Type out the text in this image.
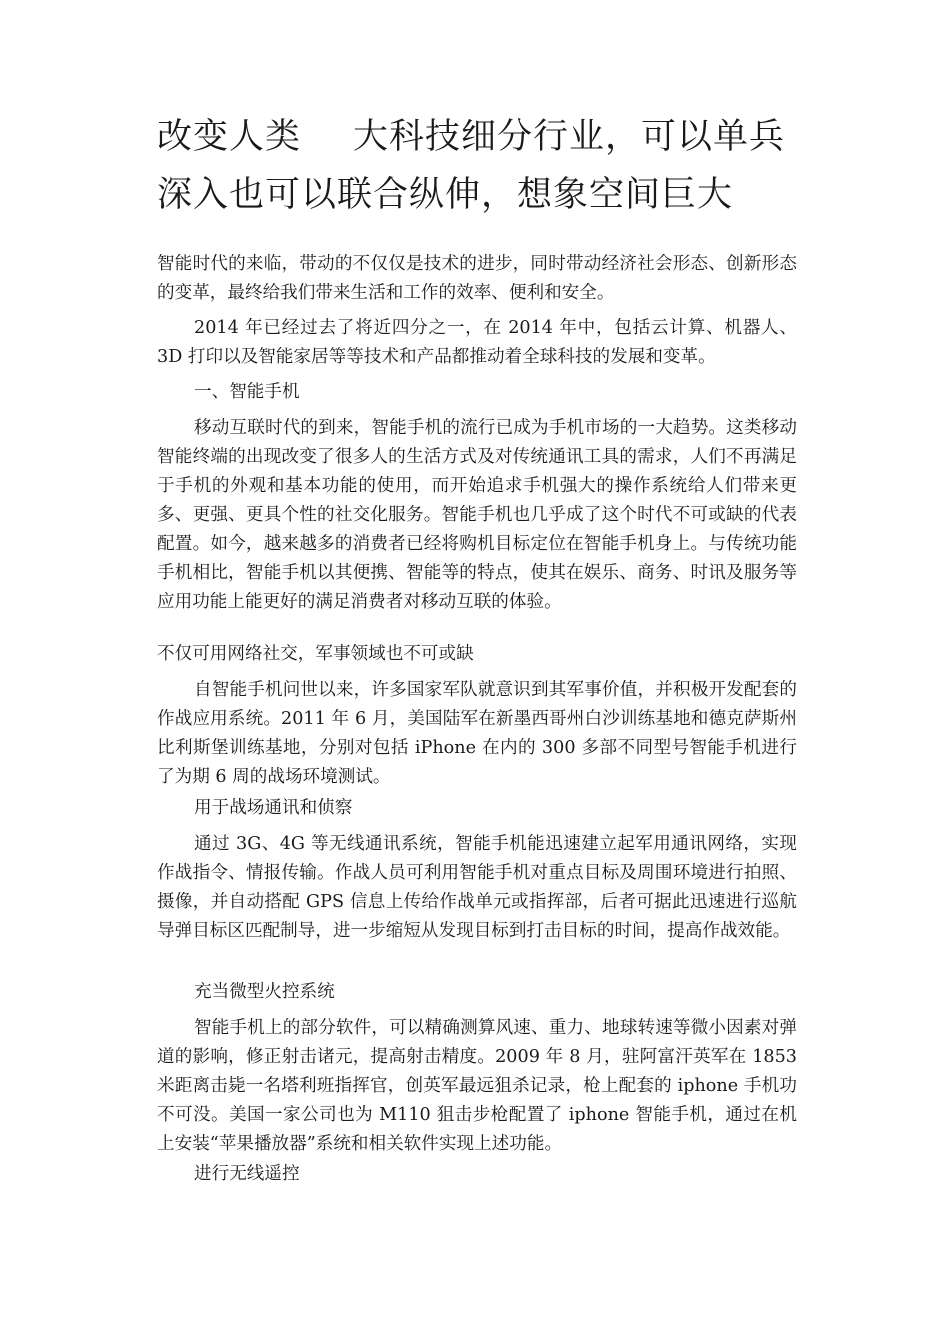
改变人类 大科技细分行业，可以单兵
深入也可以联合纵伸，想象空间巨大

智能时代的来临，带动的不仅仅是技术的进步，同时带动经济社会形态、创新形态的变革，最终给我们带来生活和工作的效率、便利和安全。

2014 年已经过去了将近四分之一，在 2014 年中，包括云计算、机器人、3D 打印以及智能家居等等技术和产品都推动着全球科技的发展和变革。

一、智能手机

移动互联时代的到来，智能手机的流行已成为手机市场的一大趋势。这类移动智能终端的出现改变了很多人的生活方式及对传统通讯工具的需求，人们不再满足于手机的外观和基本功能的使用，而开始追求手机强大的操作系统给人们带来更多、更强、更具个性的社交化服务。智能手机也几乎成了这个时代不可或缺的代表配置。如今，越来越多的消费者已经将购机目标定位在智能手机身上。与传统功能手机相比，智能手机以其便携、智能等的特点，使其在娱乐、商务、时讯及服务等应用功能上能更好的满足消费者对移动互联的体验。

不仅可用网络社交，军事领域也不可或缺

自智能手机问世以来，许多国家军队就意识到其军事价值，并积极开发配套的作战应用系统。2011 年 6 月，美国陆军在新墨西哥州白沙训练基地和德克萨斯州比利斯堡训练基地，分别对包括 iPhone 在内的 300 多部不同型号智能手机进行了为期 6 周的战场环境测试。

用于战场通讯和侦察

通过 3G、4G 等无线通讯系统，智能手机能迅速建立起军用通讯网络，实现作战指令、情报传输。作战人员可利用智能手机对重点目标及周围环境进行拍照、摄像，并自动搭配 GPS 信息上传给作战单元或指挥部，后者可据此迅速进行巡航导弹目标区匹配制导，进一步缩短从发现目标到打击目标的时间，提高作战效能。

充当微型火控系统

智能手机上的部分软件，可以精确测算风速、重力、地球转速等微小因素对弹道的影响，修正射击诸元，提高射击精度。2009 年 8 月，驻阿富汗英军在 1853 米距离击毙一名塔利班指挥官，创英军最远狙杀记录，枪上配套的 iphone 手机功不可没。美国一家公司也为 M110 狙击步枪配置了 iphone 智能手机，通过在机上安装“苹果播放器”系统和相关软件实现上述功能。

进行无线遥控
